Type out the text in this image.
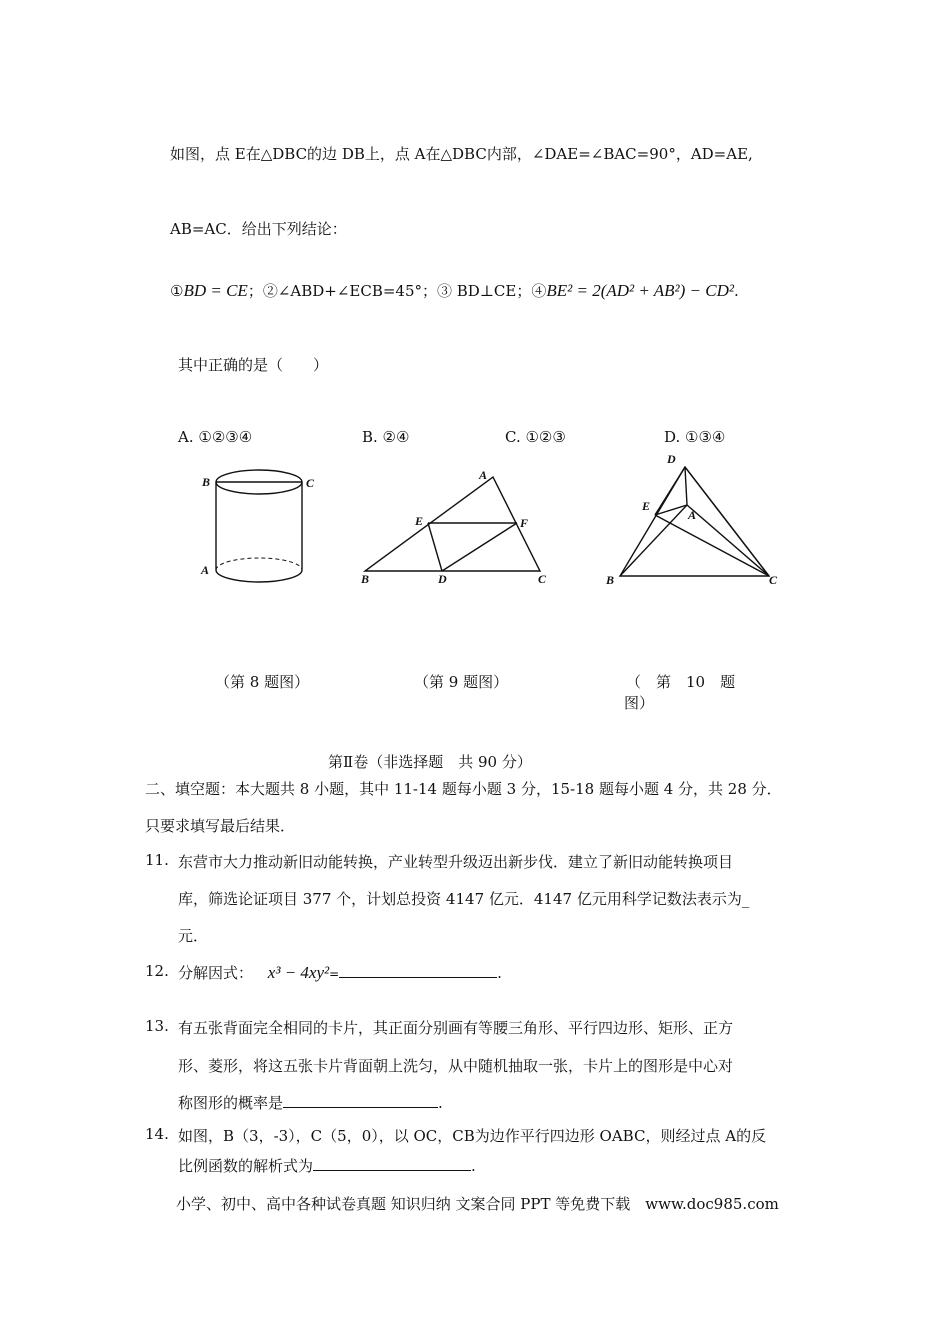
如图，点 E在△DBC的边 DB上，点 A在△DBC内部，∠DAE=∠BAC=90°，AD=AE,
AB=AC．给出下列结论：
①BD = CE；②∠ABD+∠ECB=45°；③ BD⊥CE；④BE² = 2(AD² + AB²) − CD².
其中正确的是（　　）
A. ①②③④	B. ②④	C. ①②③	D. ①③④
B	C
A
A
E	F
B	D	C
D
E
A
B	C
（第 8 题图）	（第 9 题图）	（　第　10　题
图）
第Ⅱ卷（非选择题　共 90 分）
二、填空题：本大题共 8 小题，其中 11-14 题每小题 3 分，15-18 题每小题 4 分，共 28 分．
只要求填写最后结果．
11. 东营市大力推动新旧动能转换，产业转型升级迈出新步伐．建立了新旧动能转换项目
库，筛选论证项目 377 个，计划总投资 4147 亿元．4147 亿元用科学记数法表示为_
元．
12. 分解因式： x³ − 4xy²=	.
13. 有五张背面完全相同的卡片，其正面分别画有等腰三角形、平行四边形、矩形、正方
形、菱形，将这五张卡片背面朝上洗匀，从中随机抽取一张，卡片上的图形是中心对
称图形的概率是	.
14. 如图，B（3，-3），C（5，0），以 OC，CB为边作平行四边形 OABC，则经过点 A的反
比例函数的解析式为	.
小学、初中、高中各种试卷真题 知识归纳 文案合同 PPT 等免费下载　www.doc985.com
